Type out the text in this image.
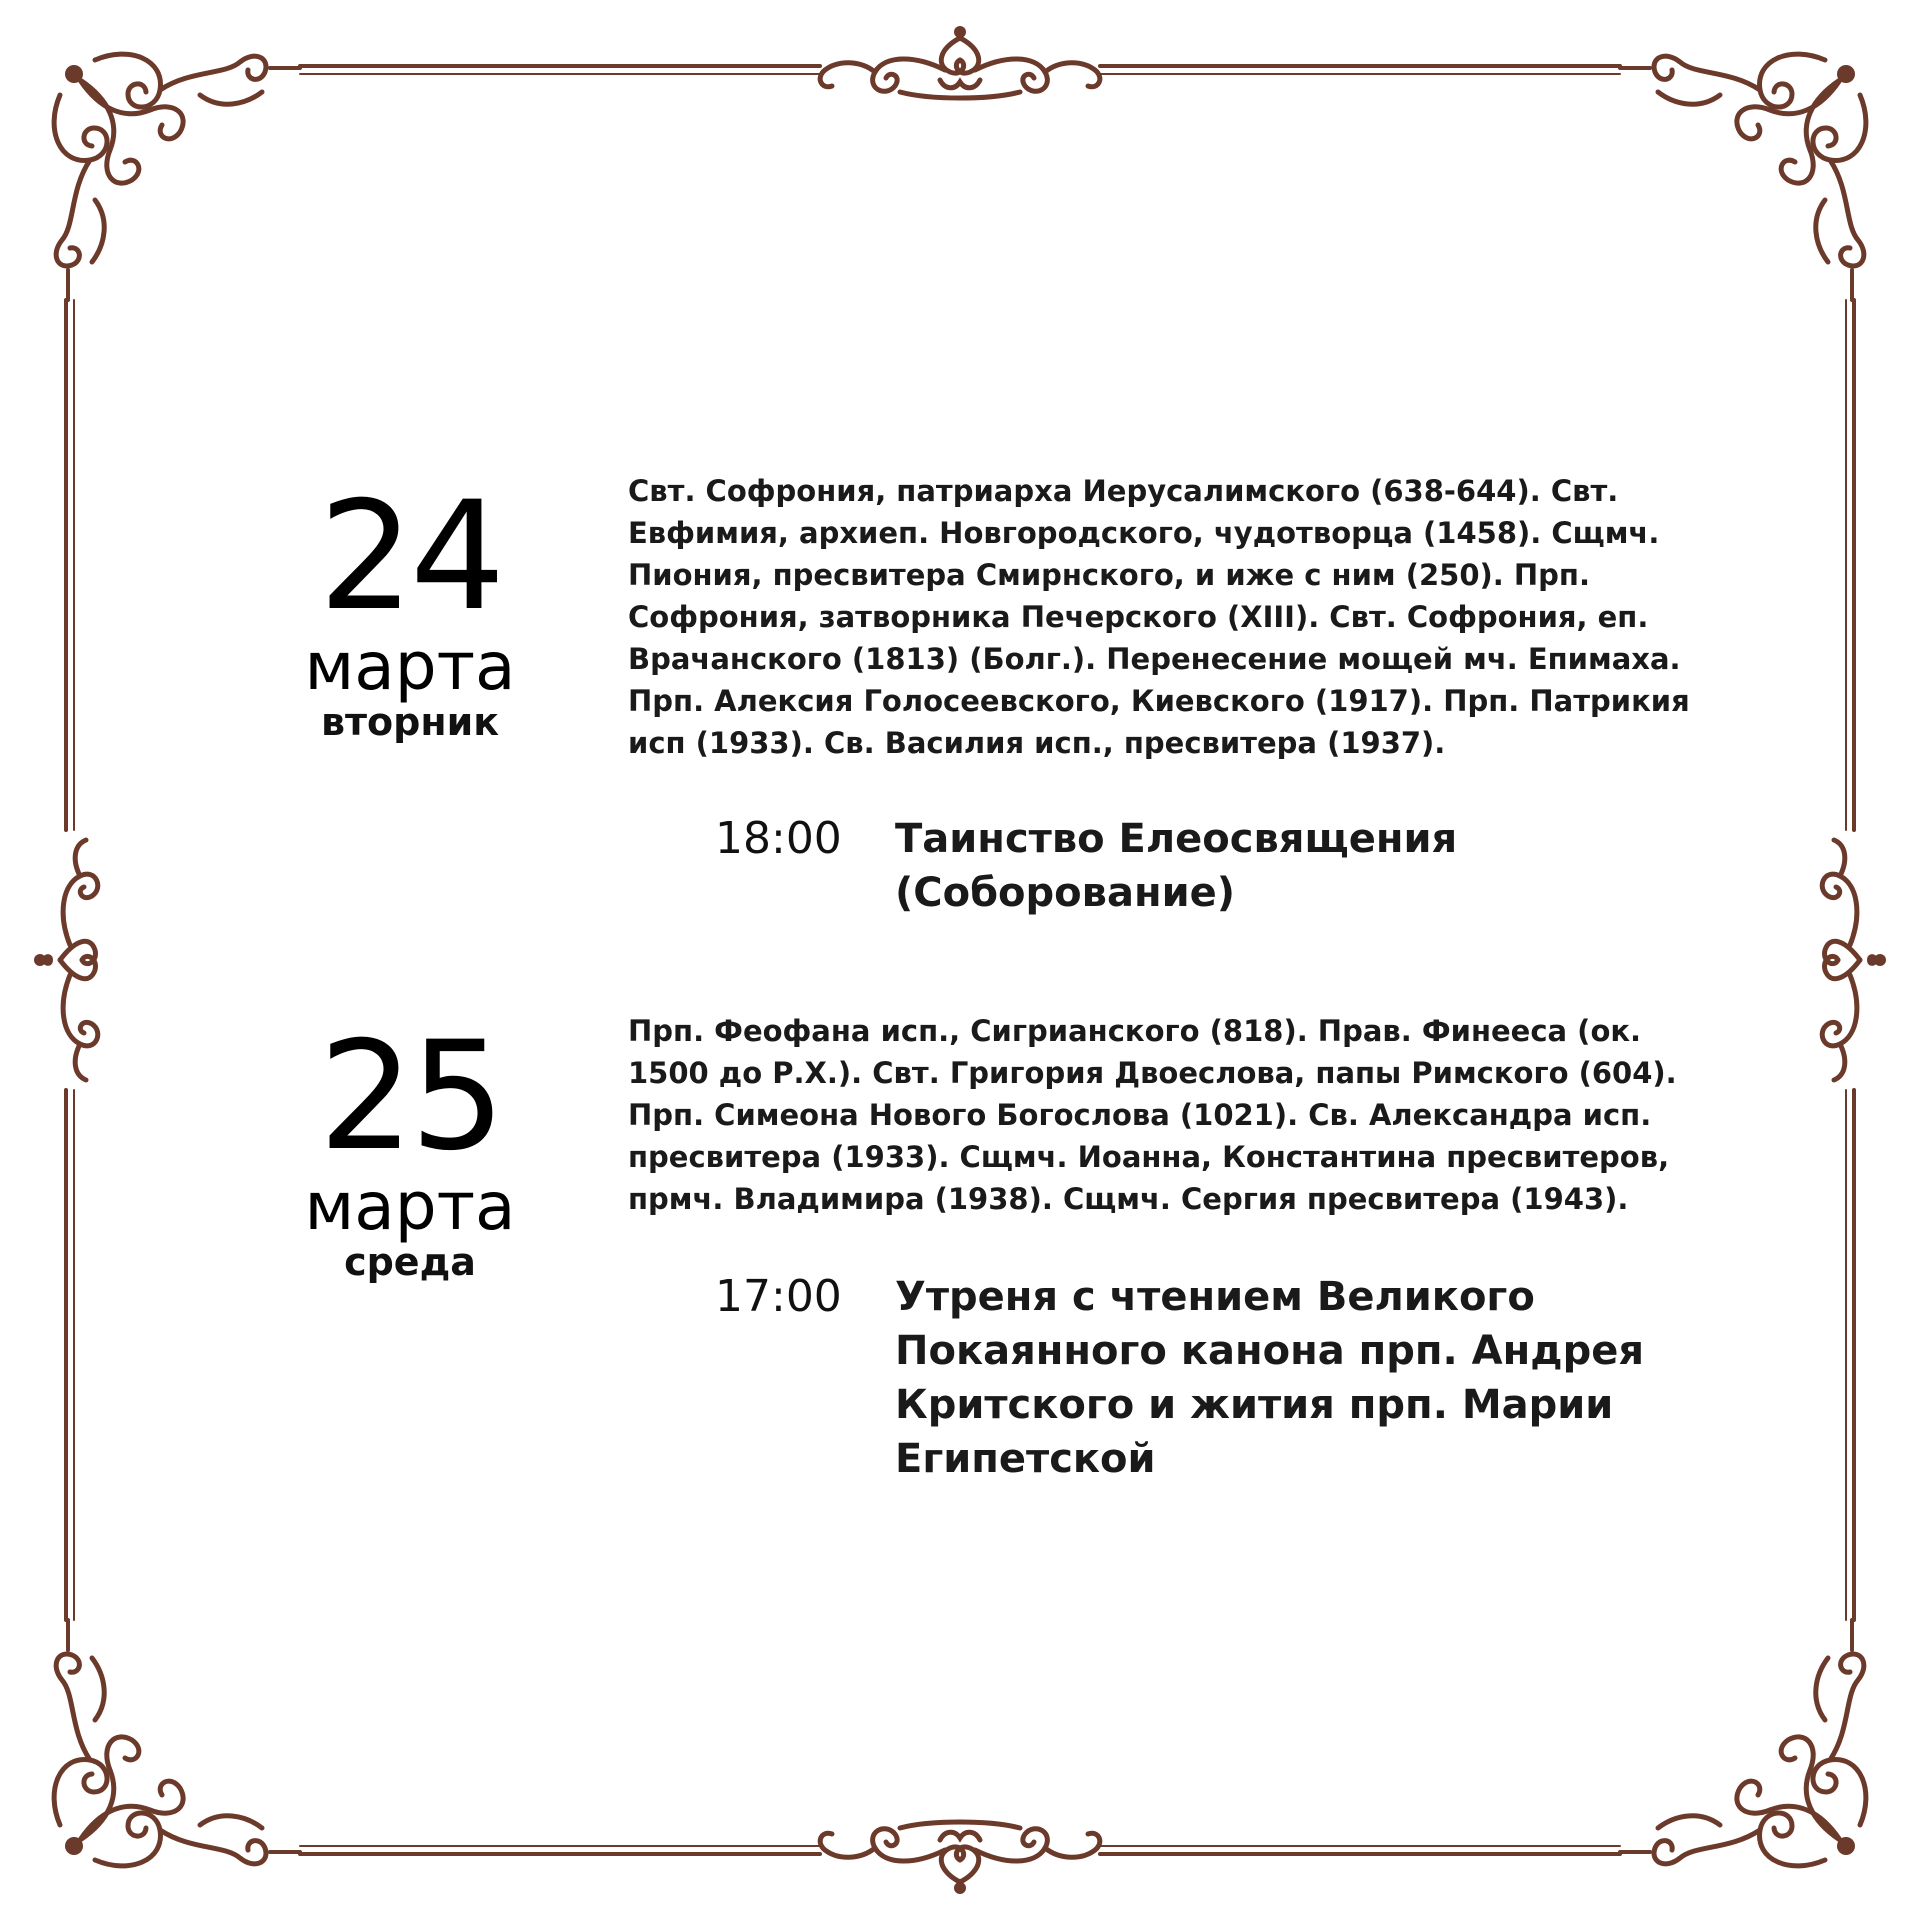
24
марта
вторник

Свт. Софрония, патриарха Иерусалимского (638-644). Свт. Евфимия, архиеп. Новгородского, чудотворца (1458). Сщмч. Пиония, пресвитера Смирнского, и иже с ним (250). Прп. Софрония, затворника Печерского (XIII). Свт. Софрония, еп. Врачанского (1813) (Болг.). Перенесение мощей мч. Епимаха. Прп. Алексия Голосеевского, Киевского (1917). Прп. Патрикия исп (1933). Св. Василия исп., пресвитера (1937).

18:00 Таинство Елеосвящения (Соборование)

25
марта
среда

Прп. Феофана исп., Сигрианского (818). Прав. Финееса (ок. 1500 до Р.Х.). Свт. Григория Двоеслова, папы Римского (604). Прп. Симеона Нового Богослова (1021). Св. Александра исп. пресвитера (1933). Сщмч. Иоанна, Константина пресвитеров, прмч. Владимира (1938). Сщмч. Сергия пресвитера (1943).

17:00 Утреня с чтением Великого Покаянного канона прп. Андрея Критского и жития прп. Марии Египетской
